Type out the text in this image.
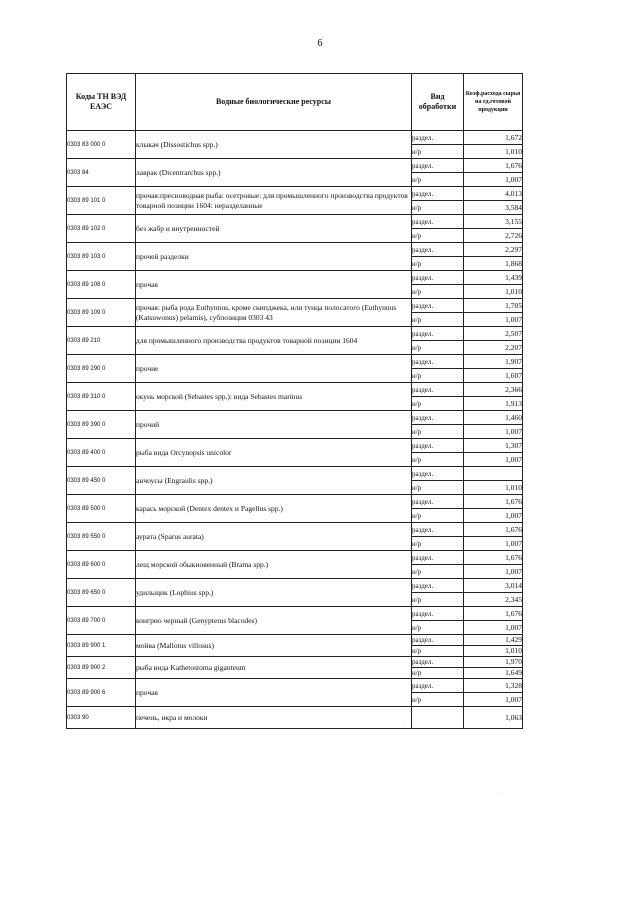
6
Коды ТН ВЭД ЕАЭС	Водные биологические ресурсы	Вид обработки	Коэф.расхода сырья на ед.готовой продукции
0303 83 000 0	клыкач (Dissostichus spp.)	раздел.	1,672
		н/р	1,010
0303 84	лаврак (Dicentrarchus spp.)	раздел.	1,676
		н/р	1,007
0303 89 101 0	прочая:пресноводная рыба: осетровые: для промышленного производства продуктов товарной позиции 1604: неразделанные	раздел.	4,013
		н/р	3,584
0303 89 102 0	без жабр и внутренностей	раздел.	3,155
		н/р	2,726
0303 89 103 0	прочей разделки	раздел.	2,297
		н/р	1,868
0303 89 108 0	прочая	раздел.	1,439
		н/р	1,010
0303 89 109 0	прочая: рыба рода Euthynnus, кроме скипджека, или тунца полосатого (Euthynnus (Katsuwonus) pelamis), субпозиция 0303 43	раздел.	1,705
		н/р	1,007
0303 89 210	для промышленного производства продуктов товарной позиции 1604	раздел.	2,507
		н/р	2,207
0303 89 290 0	прочие	раздел.	1,907
		н/р	1,607
0303 89 310 0	окунь морской (Sebastes spp.): вида Sebastes marinus	раздел.	2,366
		н/р	1,913
0303 89 390 0	прочий	раздел.	1,460
		н/р	1,007
0303 89 400 0	рыба вида Orcynopsis unicolor	раздел.	1,307
		н/р	1,007
0303 89 450 0	анчоусы (Engraulis spp.)	раздел.	
		н/р	1,010
0303 89 500 0	карась морской (Dentex dentex и Pagellus spp.)	раздел.	1,676
		н/р	1,007
0303 89 550 0	аурата (Sparus aurata)	раздел.	1,676
		н/р	1,007
0303 89 600 0	лещ морской обыкновенный (Brama spp.)	раздел.	1,676
		н/р	1,007
0303 89 650 0	удильщик (Lophius spp.)	раздел.	3,014
		н/р	2,345
0303 89 700 0	конгрио черный (Genypterus blacodes)	раздел.	1,676
		н/р	1,007
0303 89 900 1	мойва (Mallotus villosus)	раздел.	1,429
		н/р	1,010
0303 89 900 2	рыба вида Kathetostoma giganteum	раздел.	1,970
		н/р	1,649
0303 89 900 6	прочая	раздел.	1,328
		н/р	1,007
0303 90	печень, икра и молоки		1,063
·
·
